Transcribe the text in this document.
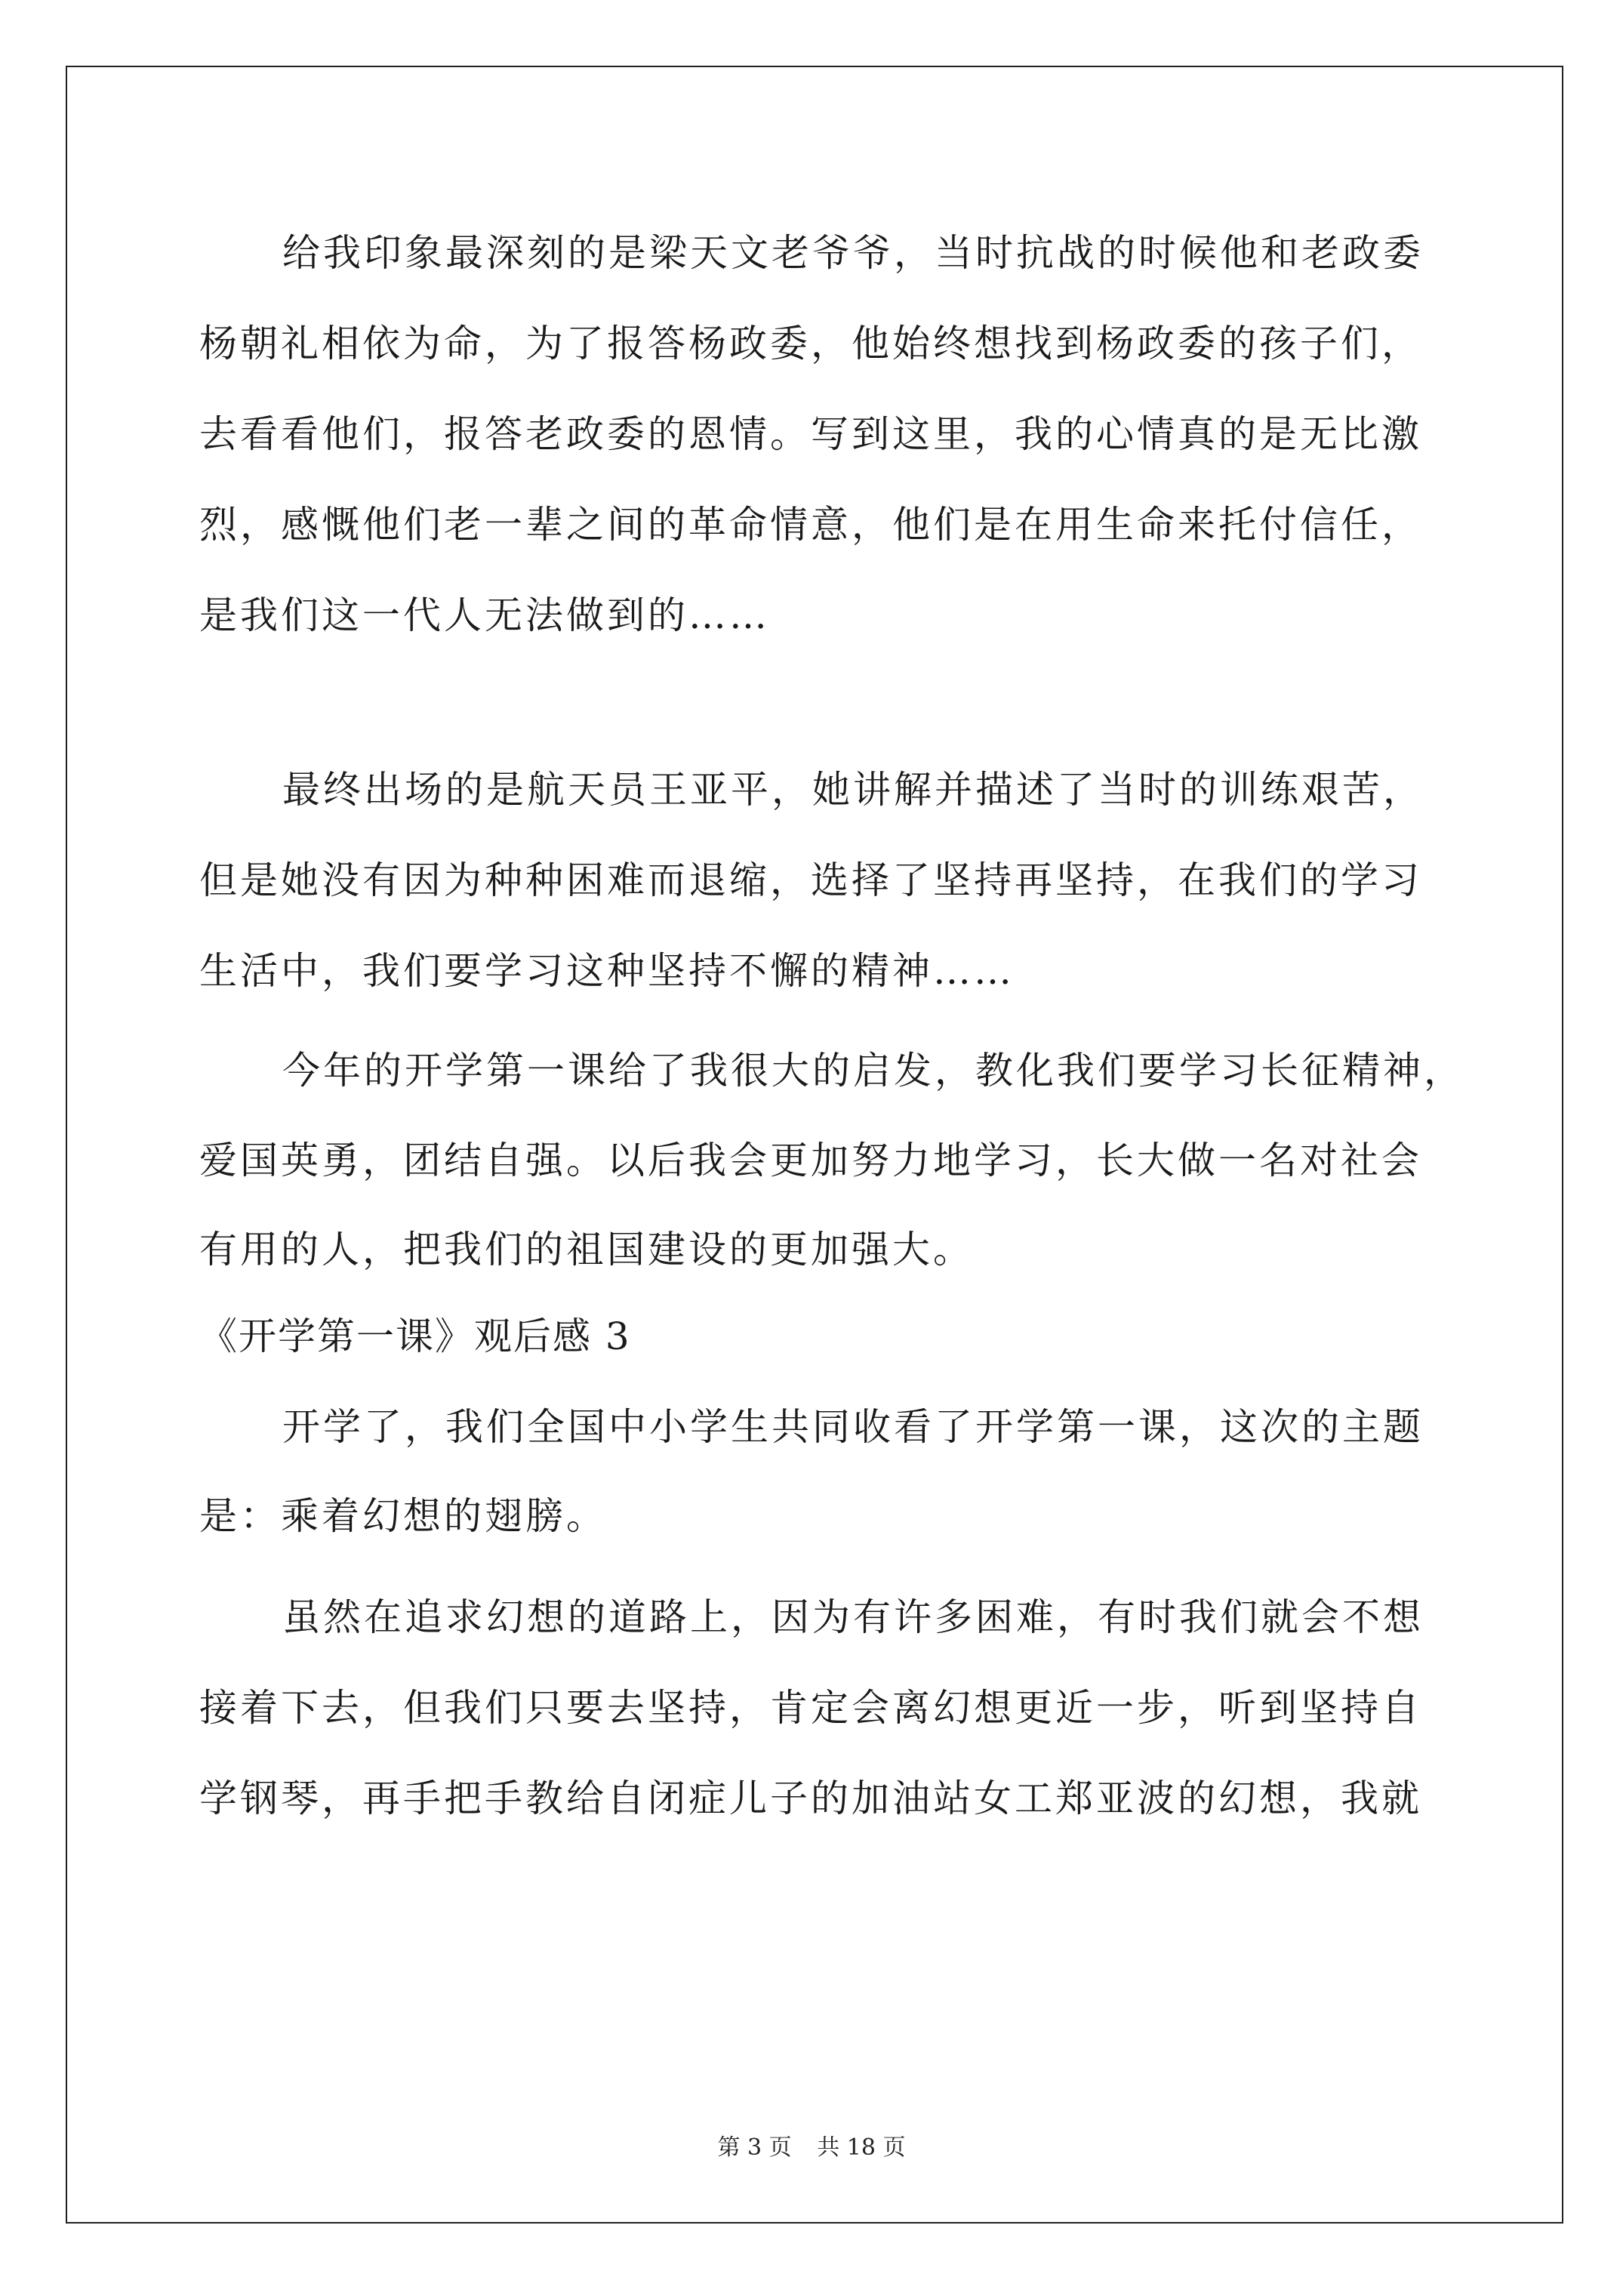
给我印象最深刻的是梁天文老爷爷，当时抗战的时候他和老政委
杨朝礼相依为命，为了报答杨政委，他始终想找到杨政委的孩子们，
去看看他们，报答老政委的恩情。写到这里，我的心情真的是无比激
烈，感慨他们老一辈之间的革命情意，他们是在用生命来托付信任，
是我们这一代人无法做到的……
最终出场的是航天员王亚平，她讲解并描述了当时的训练艰苦，
但是她没有因为种种困难而退缩，选择了坚持再坚持，在我们的学习
生活中，我们要学习这种坚持不懈的精神……
今年的开学第一课给了我很大的启发，教化我们要学习长征精神，
爱国英勇，团结自强。以后我会更加努力地学习，长大做一名对社会
有用的人，把我们的祖国建设的更加强大。
《开学第一课》观后感 3
开学了，我们全国中小学生共同收看了开学第一课，这次的主题
是：乘着幻想的翅膀。
虽然在追求幻想的道路上，因为有许多困难，有时我们就会不想
接着下去，但我们只要去坚持，肯定会离幻想更近一步，听到坚持自
学钢琴，再手把手教给自闭症儿子的加油站女工郑亚波的幻想，我就
第 3 页 共 18 页
